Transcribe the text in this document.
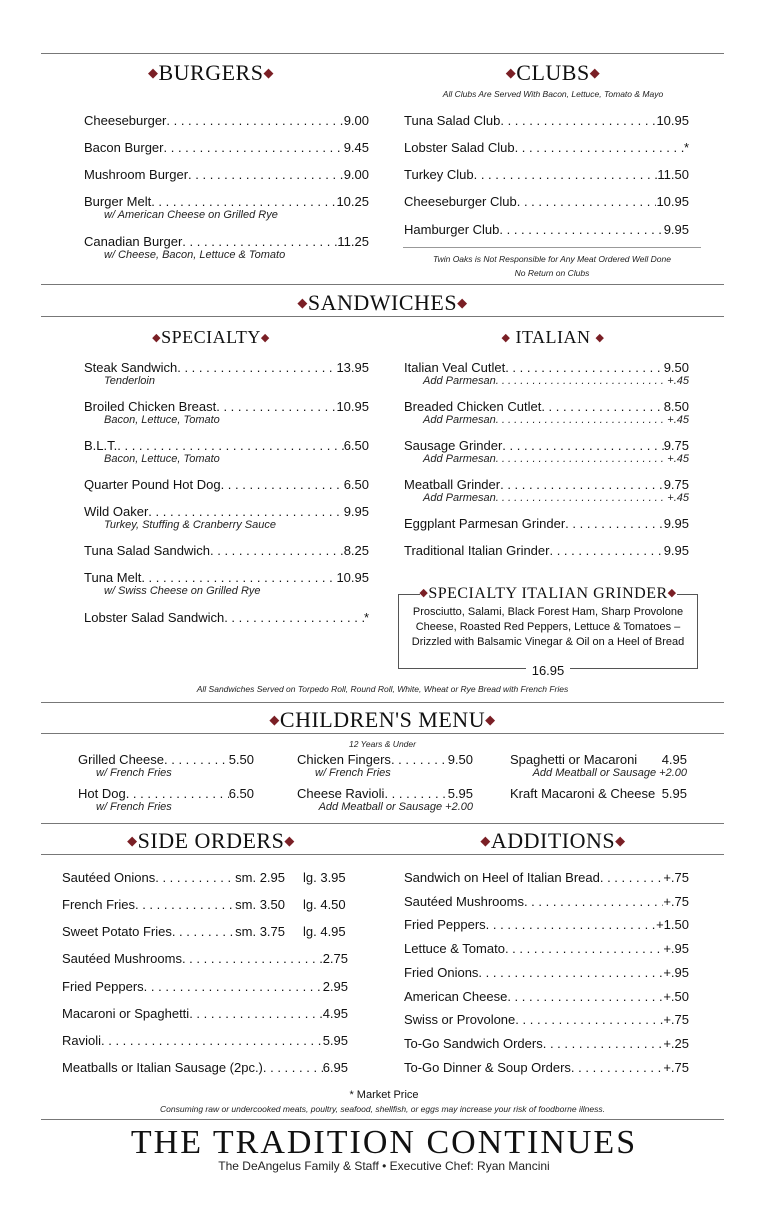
◆BURGERS◆
Cheeseburger . . .	9.00
Bacon Burger . . .	9.45
Mushroom Burger . . .	9.00
Burger Melt . . .	10.25
w/ American Cheese on Grilled Rye
Canadian Burger . . .	11.25
w/ Cheese, Bacon, Lettuce & Tomato
◆CLUBS◆
All Clubs Are Served With Bacon, Lettuce, Tomato & Mayo
Tuna Salad Club . . .	10.95
Lobster Salad Club . . .	*
Turkey Club . . .	11.50
Cheeseburger Club . . .	10.95
Hamburger Club . . .	9.95
Twin Oaks is Not Responsible for Any Meat Ordered Well Done
No Return on Clubs
◆SANDWICHES◆
◆SPECIALTY◆	◆ ITALIAN ◆
Steak Sandwich . . .	13.95
Tenderloin
Broiled Chicken Breast . . .	10.95
Bacon, Lettuce, Tomato
B.L.T. . . .	6.50
Bacon, Lettuce, Tomato
Quarter Pound Hot Dog . . .	6.50
Wild Oaker . . .	9.95
Turkey, Stuffing & Cranberry Sauce
Tuna Salad Sandwich . . .	8.25
Tuna Melt . . .	10.95
w/ Swiss Cheese on Grilled Rye
Lobster Salad Sandwich . . .	*
Italian Veal Cutlet . . .	9.50
Add Parmesan . . .	+.45
Breaded Chicken Cutlet . . .	8.50
Add Parmesan . . .	+.45
Sausage Grinder . . .	9.75
Add Parmesan . . .	+.45
Meatball Grinder . . .	9.75
Add Parmesan . . .	+.45
Eggplant Parmesan Grinder . . .	9.95
Traditional Italian Grinder . . .	9.95
◆SPECIALTY ITALIAN GRINDER◆
Prosciutto, Salami, Black Forest Ham, Sharp Provolone
Cheese, Roasted Red Peppers, Lettuce & Tomatoes –
Drizzled with Balsamic Vinegar & Oil on a Heel of Bread
16.95
All Sandwiches Served on Torpedo Roll, Round Roll, White, Wheat or Rye Bread with French Fries
◆CHILDREN'S MENU◆
12 Years & Under
Grilled Cheese . . .	5.50
w/ French Fries
Hot Dog . . .	6.50
w/ French Fries
Chicken Fingers . . .	9.50
w/ French Fries
Cheese Ravioli . . .	5.95
Add Meatball or Sausage +2.00
Spaghetti or Macaroni 4.95
Add Meatball or Sausage +2.00
Kraft Macaroni & Cheese 5.95
◆SIDE ORDERS◆	◆ADDITIONS◆
Sautéed Onions . . .	sm. 2.95 lg. 3.95
French Fries . . .	sm. 3.50 lg. 4.50
Sweet Potato Fries . . .	sm. 3.75 lg. 4.95
Sautéed Mushrooms . . .	2.75
Fried Peppers . . .	2.95
Macaroni or Spaghetti . . .	4.95
Ravioli . . .	5.95
Meatballs or Italian Sausage (2pc.) . . .	6.95
Sandwich on Heel of Italian Bread . . .	+.75
Sautéed Mushrooms . . .	+.75
Fried Peppers . . .	+1.50
Lettuce & Tomato . . .	+.95
Fried Onions . . .	+.95
American Cheese . . .	+.50
Swiss or Provolone . . .	+.75
To-Go Sandwich Orders . . .	+.25
To-Go Dinner & Soup Orders . . .	+.75
* Market Price
Consuming raw or undercooked meats, poultry, seafood, shellfish, or eggs may increase your risk of foodborne illness.
THE TRADITION CONTINUES
The DeAngelus Family & Staff • Executive Chef: Ryan Mancini
